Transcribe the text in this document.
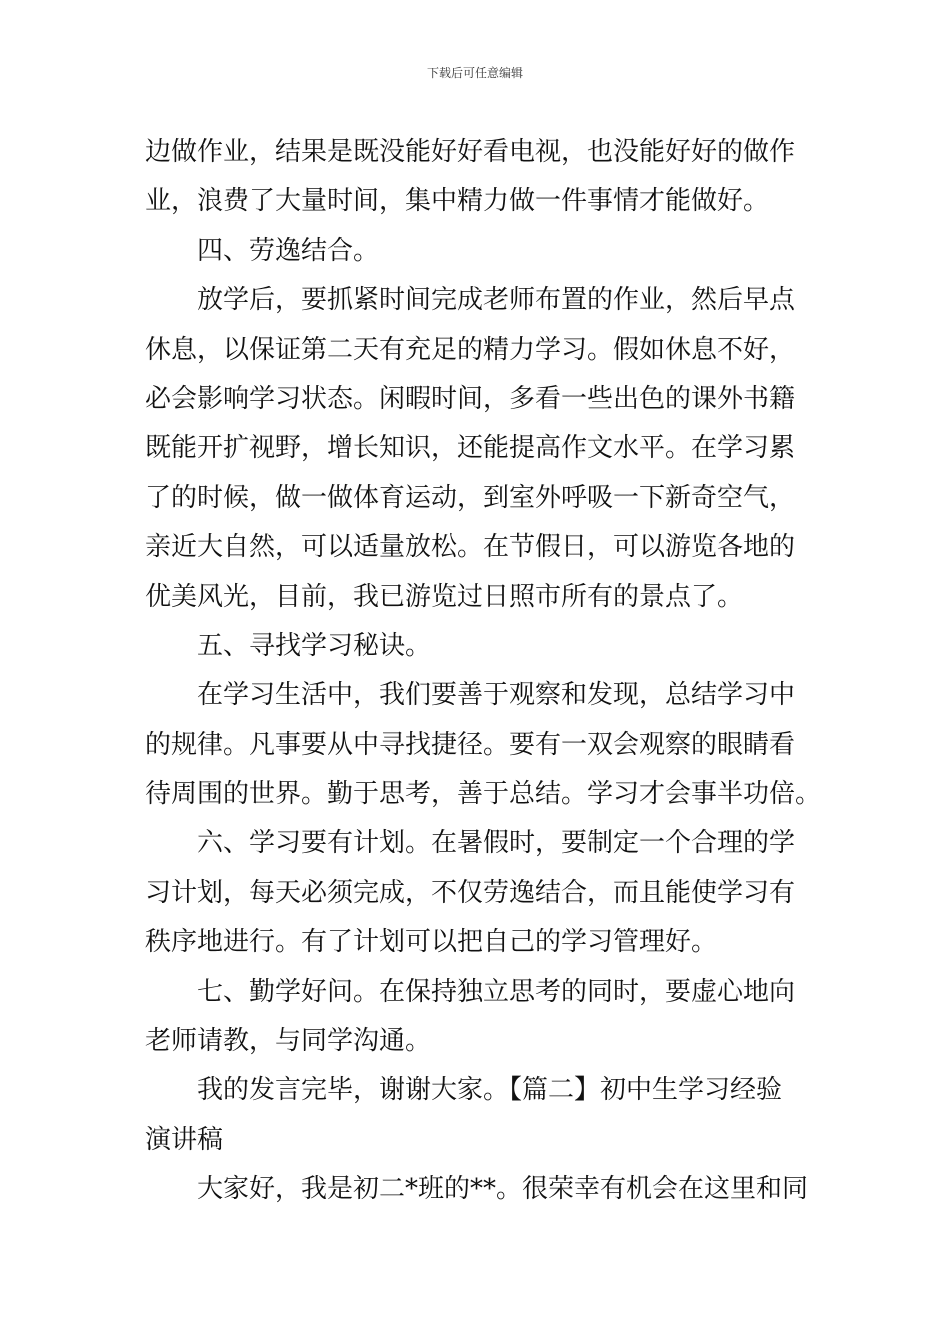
下载后可任意编辑
边做作业，结果是既没能好好看电视，也没能好好的做作
业，浪费了大量时间，集中精力做一件事情才能做好。
四、劳逸结合。
放学后，要抓紧时间完成老师布置的作业，然后早点
休息，以保证第二天有充足的精力学习。假如休息不好，
必会影响学习状态。闲暇时间，多看一些出色的课外书籍
既能开扩视野，增长知识，还能提高作文水平。在学习累
了的时候，做一做体育运动，到室外呼吸一下新奇空气，
亲近大自然，可以适量放松。在节假日，可以游览各地的
优美风光，目前，我已游览过日照市所有的景点了。
五、寻找学习秘诀。
在学习生活中，我们要善于观察和发现，总结学习中
的规律。凡事要从中寻找捷径。要有一双会观察的眼睛看
待周围的世界。勤于思考，善于总结。学习才会事半功倍。
六、学习要有计划。在暑假时，要制定一个合理的学
习计划，每天必须完成，不仅劳逸结合，而且能使学习有
秩序地进行。有了计划可以把自己的学习管理好。
七、勤学好问。在保持独立思考的同时，要虚心地向
老师请教，与同学沟通。
我的发言完毕，谢谢大家。【篇二】初中生学习经验
演讲稿
大家好，我是初二*班的**。很荣幸有机会在这里和同
